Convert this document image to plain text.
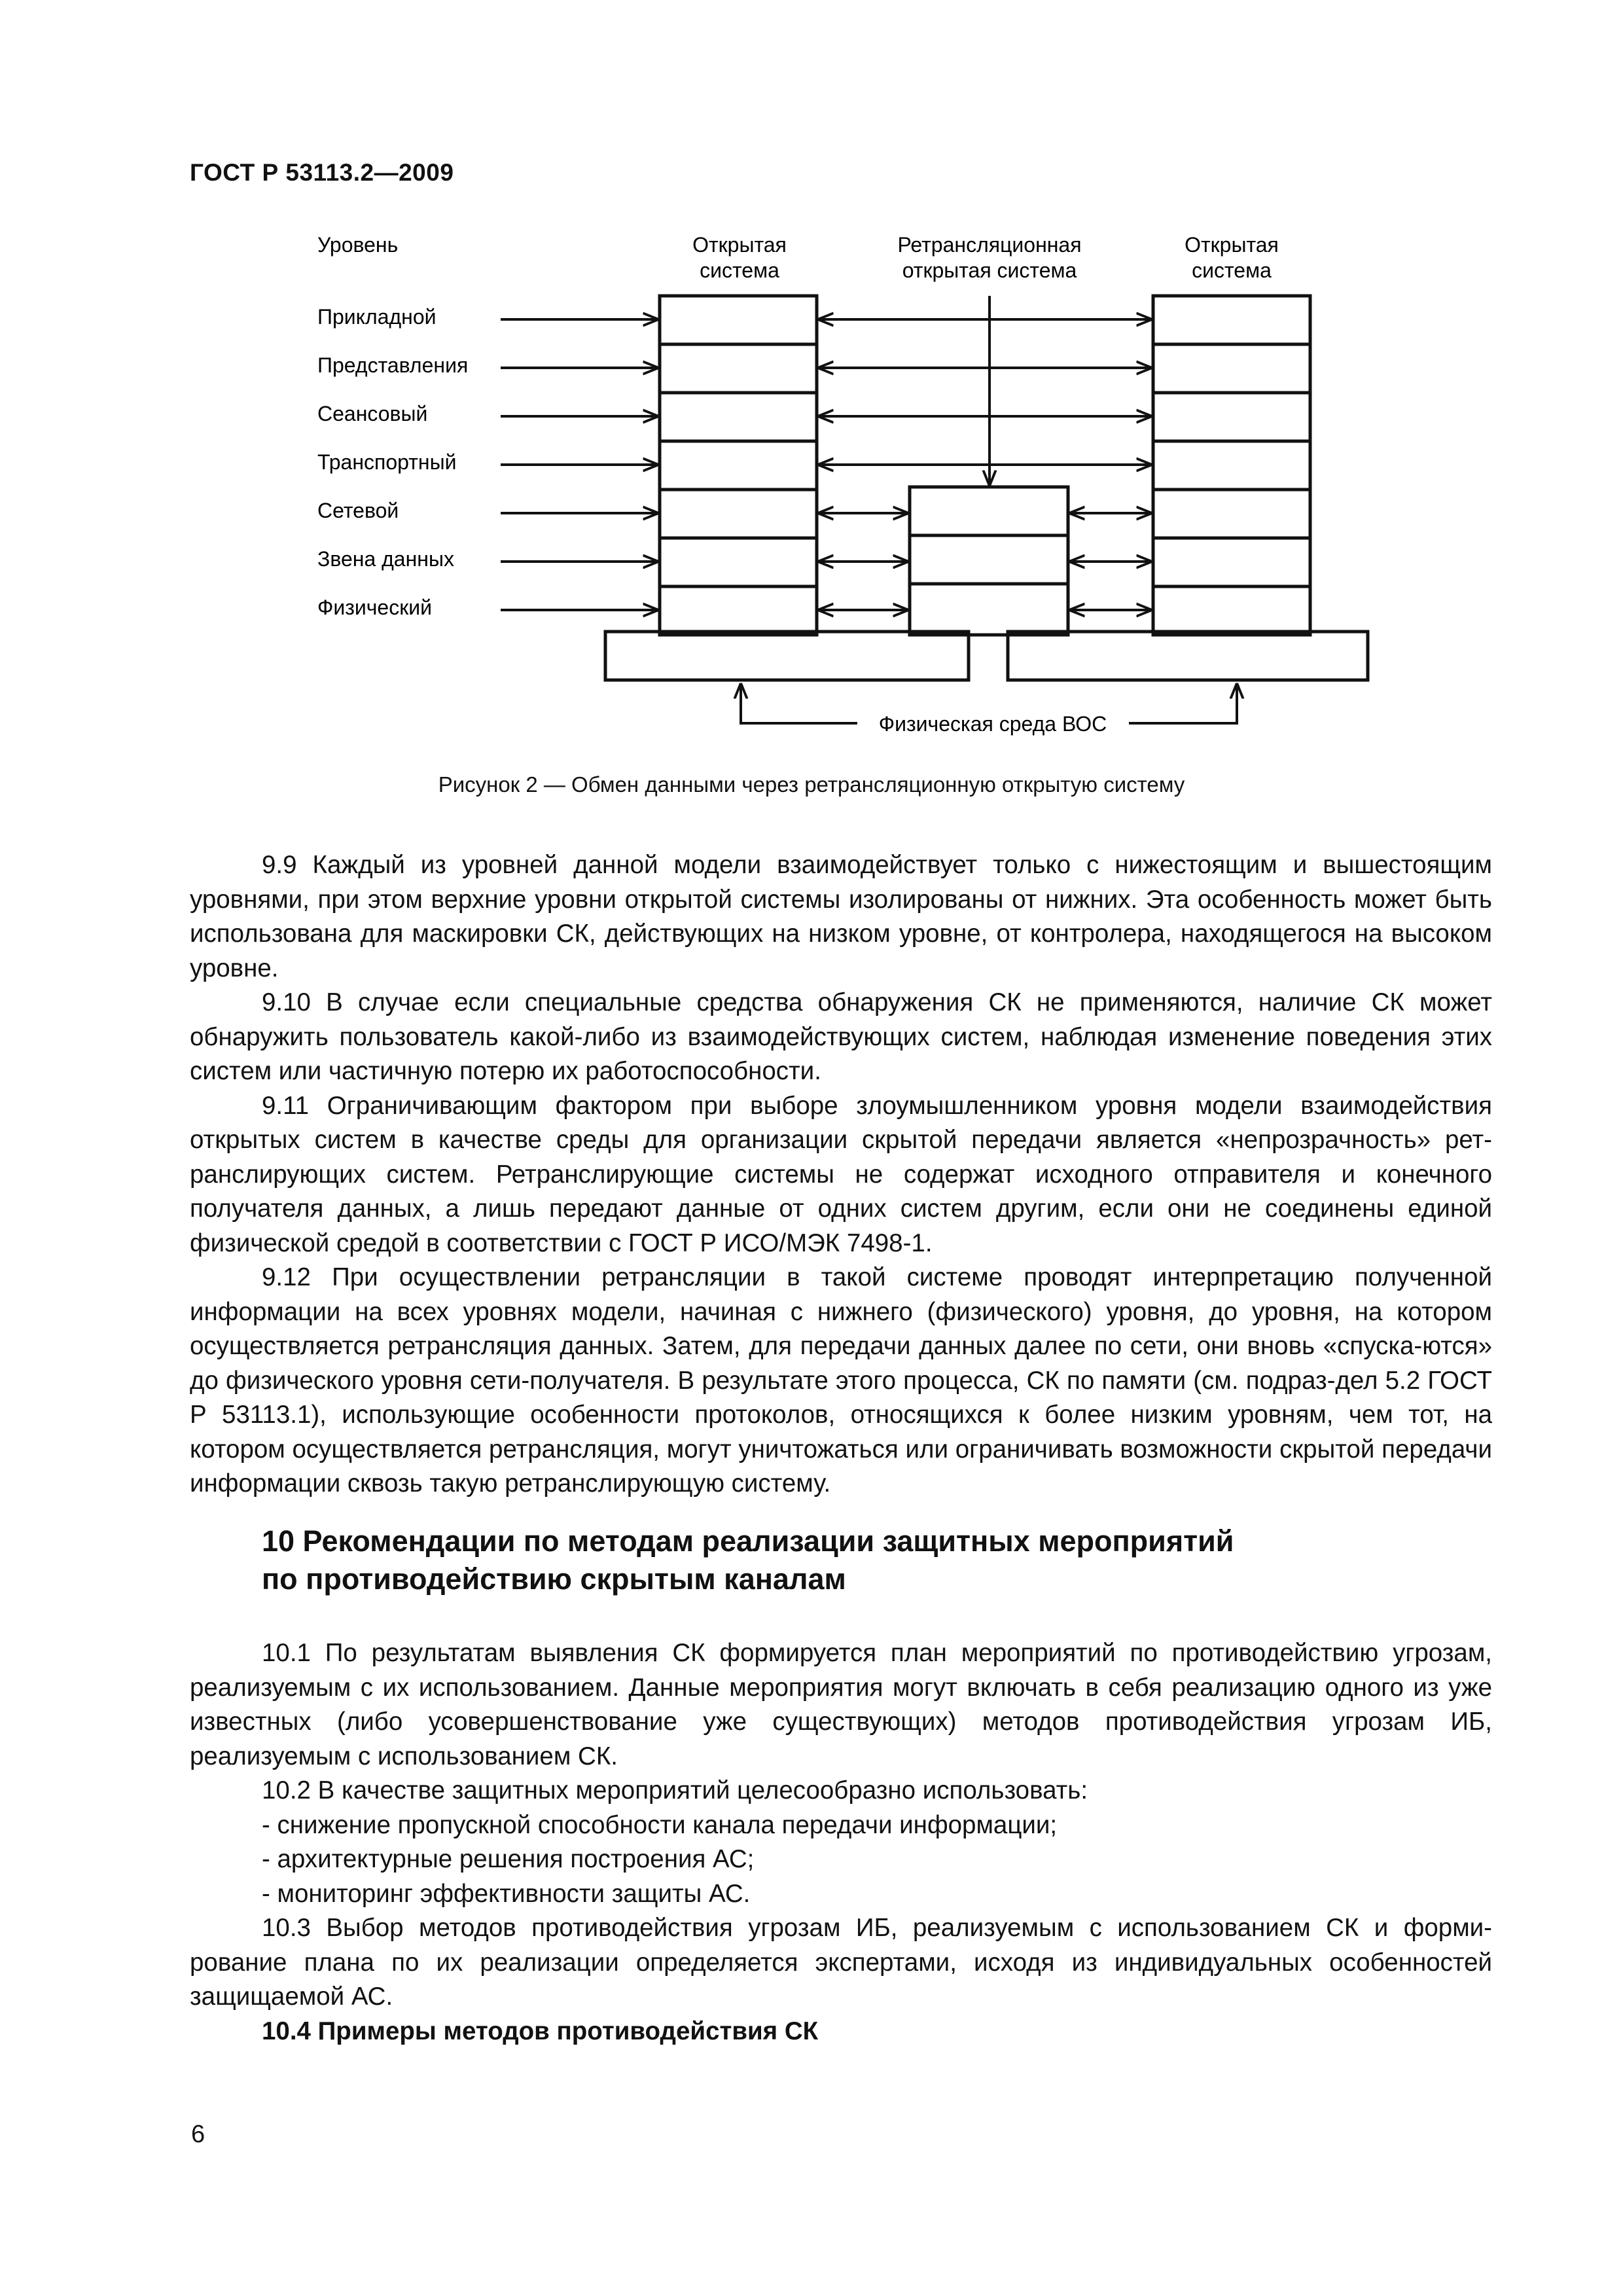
ГОСТ Р 53113.2—2009
Уровень	Открытая
система
Ретрансляционная
открытая система
Открытая
система
Прикладной
Представления
Сеансовый
Транспортный
Сетевой
Звена данных
Физический
Физическая среда ВОС
Рисунок 2 — Обмен данными через ретрансляционную открытую систему

9.9 Каждый из уровней данной модели взаимодействует только с нижестоящим и вышестоящим уровнями, при этом верхние уровни открытой системы изолированы от нижних. Эта особенность может быть использована для маскировки СК, действующих на низком уровне, от контролера, находящегося на высоком уровне.

9.10 В случае если специальные средства обнаружения СК не применяются, наличие СК может обнаружить пользователь какой-либо из взаимодействующих систем, наблюдая изменение поведения этих систем или частичную потерю их работоспособности.

9.11 Ограничивающим фактором при выборе злоумышленником уровня модели взаимодействия открытых систем в качестве среды для организации скрытой передачи является «непрозрачность» рет-ранслирующих систем. Ретранслирующие системы не содержат исходного отправителя и конечного получателя данных, а лишь передают данные от одних систем другим, если они не соединены единой физической средой в соответствии с ГОСТ Р ИСО/МЭК 7498-1.

9.12 При осуществлении ретрансляции в такой системе проводят интерпретацию полученной информации на всех уровнях модели, начиная с нижнего (физического) уровня, до уровня, на котором осуществляется ретрансляция данных. Затем, для передачи данных далее по сети, они вновь «спуска-ются» до физического уровня сети-получателя. В результате этого процесса, СК по памяти (см. подраз-дел 5.2 ГОСТ Р 53113.1), использующие особенности протоколов, относящихся к более низким уровням, чем тот, на котором осуществляется ретрансляция, могут уничтожаться или ограничивать возможности скрытой передачи информации сквозь такую ретранслирующую систему.

10 Рекомендации по методам реализации защитных мероприятий
по противодействию скрытым каналам

10.1 По результатам выявления СК формируется план мероприятий по противодействию угрозам, реализуемым с их использованием. Данные мероприятия могут включать в себя реализацию одного из уже известных (либо усовершенствование уже существующих) методов противодействия угрозам ИБ, реализуемым с использованием СК.

10.2 В качестве защитных мероприятий целесообразно использовать:

- снижение пропускной способности канала передачи информации;

- архитектурные решения построения АС;

- мониторинг эффективности защиты АС.

10.3 Выбор методов противодействия угрозам ИБ, реализуемым с использованием СК и форми-рование плана по их реализации определяется экспертами, исходя из индивидуальных особенностей защищаемой АС.

10.4 Примеры методов противодействия СК

6
